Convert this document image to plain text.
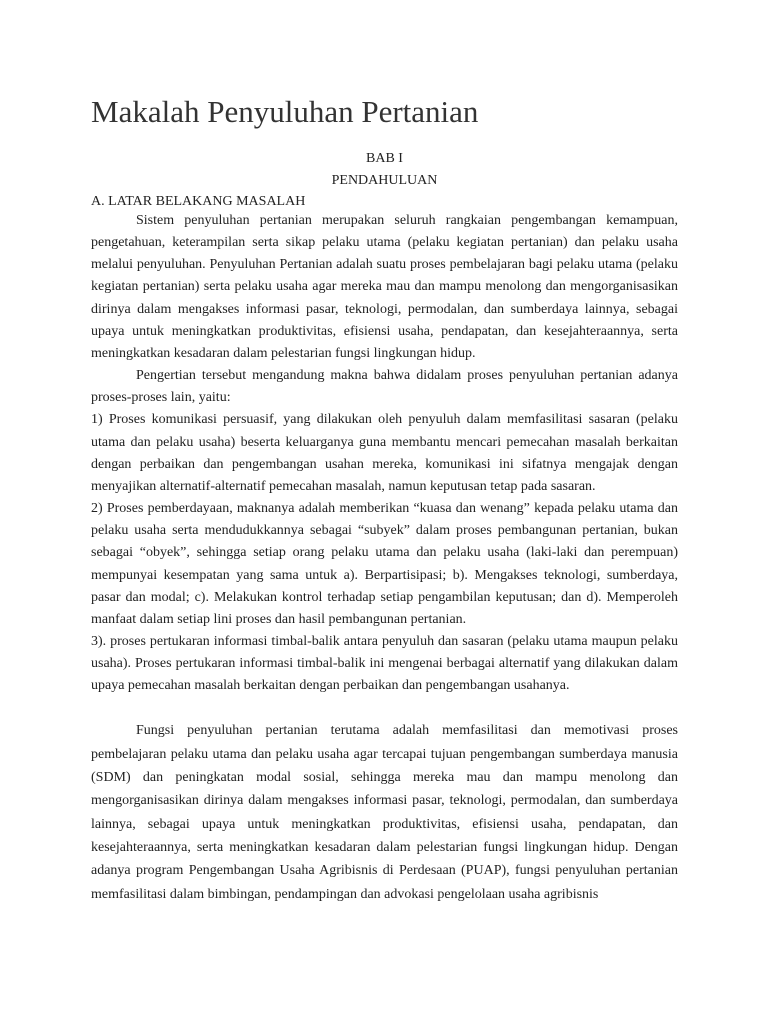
Makalah Penyuluhan Pertanian
BAB I
PENDAHULUAN
A. LATAR BELAKANG MASALAH

Sistem penyuluhan pertanian merupakan seluruh rangkaian pengembangan kemampuan, pengetahuan, keterampilan serta sikap pelaku utama (pelaku kegiatan pertanian) dan pelaku usaha melalui penyuluhan. Penyuluhan Pertanian adalah suatu proses pembelajaran bagi pelaku utama (pelaku kegiatan pertanian) serta pelaku usaha agar mereka mau dan mampu menolong dan mengorganisasikan dirinya dalam mengakses informasi pasar, teknologi, permodalan, dan sumberdaya lainnya, sebagai upaya untuk meningkatkan produktivitas, efisiensi usaha, pendapatan, dan kesejahteraannya, serta meningkatkan kesadaran dalam pelestarian fungsi lingkungan hidup.

Pengertian tersebut mengandung makna bahwa didalam proses penyuluhan pertanian adanya proses-proses lain, yaitu:

1) Proses komunikasi persuasif, yang dilakukan oleh penyuluh dalam memfasilitasi sasaran (pelaku utama dan pelaku usaha) beserta keluarganya guna membantu mencari pemecahan masalah berkaitan dengan perbaikan dan pengembangan usahan mereka, komunikasi ini sifatnya mengajak dengan menyajikan alternatif-alternatif pemecahan masalah, namun keputusan tetap pada sasaran.

2) Proses pemberdayaan, maknanya adalah memberikan “kuasa dan wenang” kepada pelaku utama dan pelaku usaha serta mendudukkannya sebagai “subyek” dalam proses pembangunan pertanian, bukan sebagai “obyek”, sehingga setiap orang pelaku utama dan pelaku usaha (laki-laki dan perempuan) mempunyai kesempatan yang sama untuk a). Berpartisipasi; b). Mengakses teknologi, sumberdaya, pasar dan modal; c). Melakukan kontrol terhadap setiap pengambilan keputusan; dan d). Memperoleh manfaat dalam setiap lini proses dan hasil pembangunan pertanian.

3). proses pertukaran informasi timbal-balik antara penyuluh dan sasaran (pelaku utama maupun pelaku usaha). Proses pertukaran informasi timbal-balik ini mengenai berbagai alternatif yang dilakukan dalam upaya pemecahan masalah berkaitan dengan perbaikan dan pengembangan usahanya.

Fungsi penyuluhan pertanian terutama adalah memfasilitasi dan memotivasi proses pembelajaran pelaku utama dan pelaku usaha agar tercapai tujuan pengembangan sumberdaya manusia (SDM) dan peningkatan modal sosial, sehingga mereka mau dan mampu menolong dan mengorganisasikan dirinya dalam mengakses informasi pasar, teknologi, permodalan, dan sumberdaya lainnya, sebagai upaya untuk meningkatkan produktivitas, efisiensi usaha, pendapatan, dan kesejahteraannya, serta meningkatkan kesadaran dalam pelestarian fungsi lingkungan hidup. Dengan adanya program Pengembangan Usaha Agribisnis di Perdesaan (PUAP), fungsi penyuluhan pertanian memfasilitasi dalam bimbingan, pendampingan dan advokasi pengelolaan usaha agribisnis
